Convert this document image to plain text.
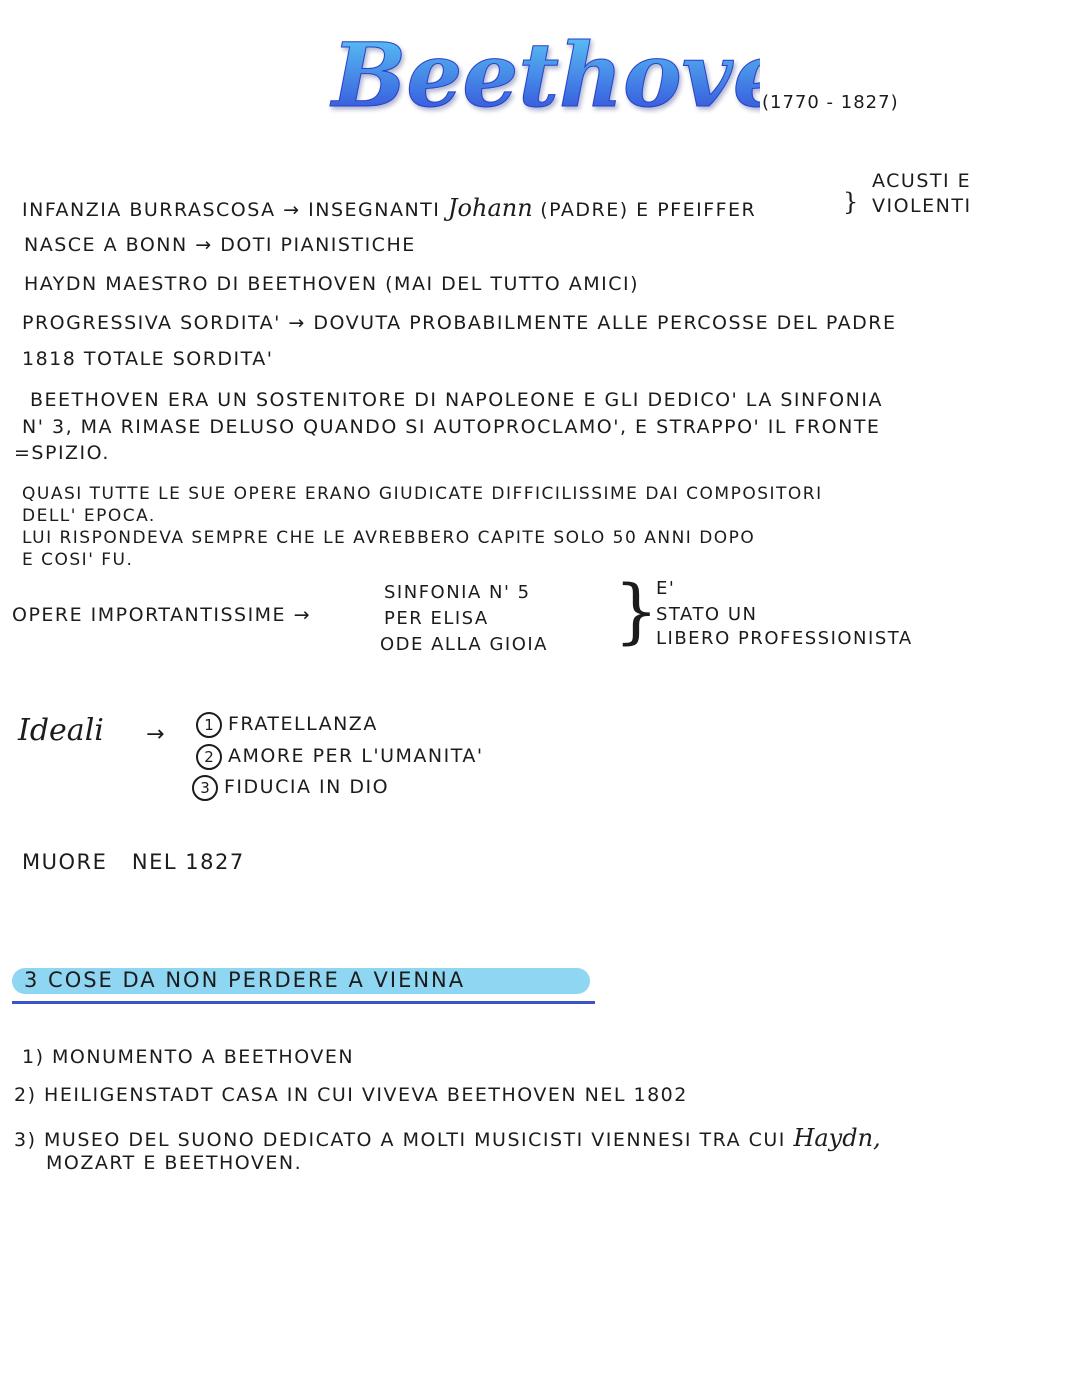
Beethov	(1770 - 1827)
ACUSTI E
INFANZIA BURRASCOSA → INSEGNANTI Johann (PADRE) E PFEIFFER	} VIOLENTI
NASCE A BONN → DOTI PIANISTICHE
HAYDN MAESTRO DI BEETHOVEN (MAI DEL TUTTO AMICI)
PROGRESSIVA SORDITA' → DOVUTA PROBABILMENTE ALLE PERCOSSE DEL PADRE
1818 TOTALE SORDITA'
BEETHOVEN ERA UN SOSTENITORE DI NAPOLEONE E GLI DEDICO' LA SINFONIA
N' 3, MA RIMASE DELUSO QUANDO SI AUTOPROCLAMO', E STRAPPO' IL FRONTE
=SPIZIO.
QUASI TUTTE LE SUE OPERE ERANO GIUDICATE DIFFICILISSIME DAI COMPOSITORI
DELL' EPOCA.
LUI RISPONDEVA SEMPRE CHE LE AVREBBERO CAPITE SOLO 50 ANNI DOPO
E COSI' FU.
OPERE IMPORTANTISSIME →
SINFONIA N' 5
PER ELISA
ODE ALLA GIOIA }
E'
STATO UN
LIBERO PROFESSIONISTA
Ideali →	1 FRATELLANZA
2 AMORE PER L'UMANITA'
3 FIDUCIA IN DIO
MUORE   NEL 1827
3 COSE DA NON PERDERE A VIENNA
1) MONUMENTO A BEETHOVEN
2) HEILIGENSTADT CASA IN CUI VIVEVA BEETHOVEN NEL 1802
3) MUSEO DEL SUONO DEDICATO A MOLTI MUSICISTI VIENNESI TRA CUI Haydn,
MOZART E BEETHOVEN.
